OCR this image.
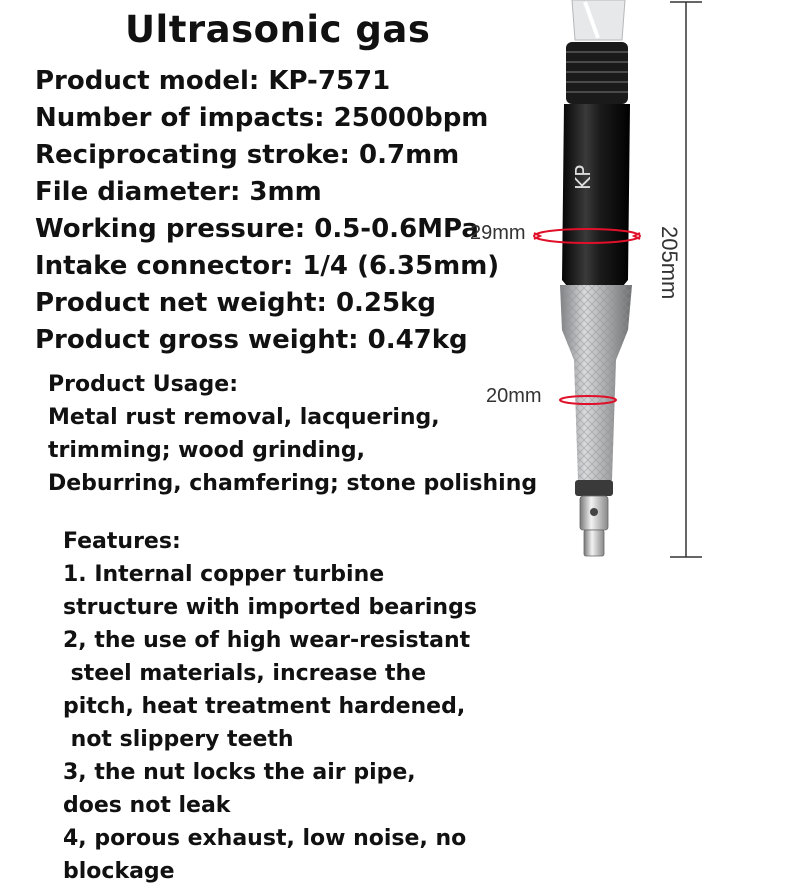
Ultrasonic gas
Product model: KP-7571
Number of impacts: 25000bpm
Reciprocating stroke: 0.7mm
File diameter: 3mm
Working pressure: 0.5-0.6MPa
Intake connector: 1/4 (6.35mm)
Product net weight: 0.25kg
Product gross weight: 0.47kg
Product Usage:
Metal rust removal, lacquering,
trimming; wood grinding,
Deburring, chamfering; stone polishing
Features:
1. Internal copper turbine
structure with imported bearings
2, the use of high wear-resistant
steel materials, increase the
pitch, heat treatment hardened,
not slippery teeth
3, the nut locks the air pipe,
does not leak
4, porous exhaust, low noise, no
blockage
KP
29mm
20mm
205mm
